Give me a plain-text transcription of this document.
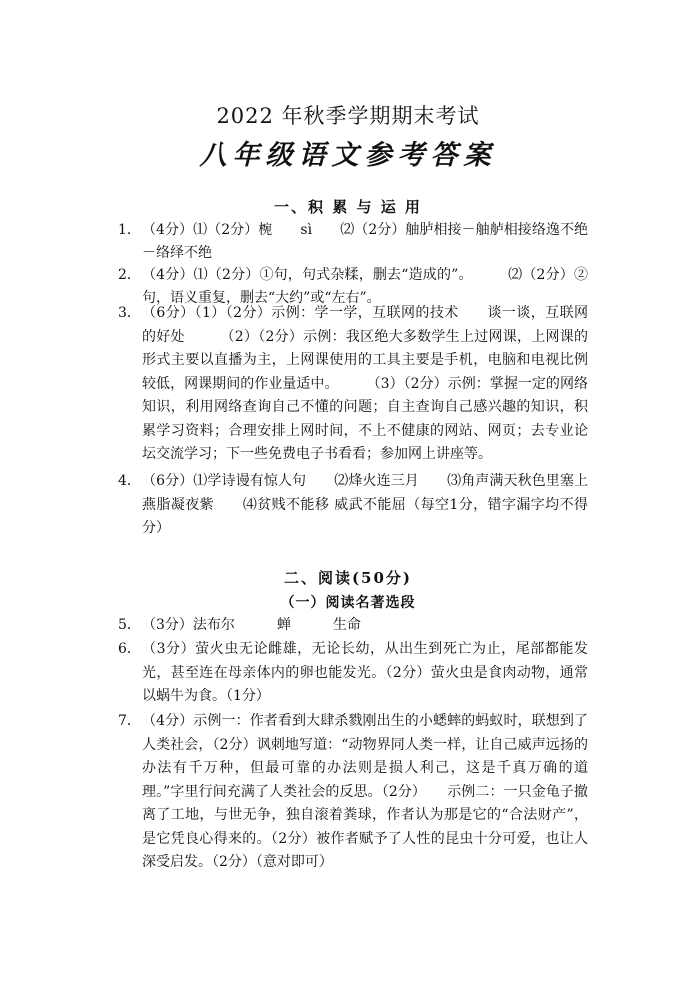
2022 年秋季学期期末考试
八年级语文参考答案
一、积 累 与 运 用
1． （4分）⑴（2分）椀　　sì　　⑵（2分）舳胪相接－舳舻相接络逸不绝－络绎不绝
2． （4分）⑴（2分）①句，句式杂糅，删去“造成的”。　　　⑵（2分）②句，语义重复，删去“大约”或“左右”。
3． （6分）（1）（2分）示例：学一学，互联网的技术　　谈一谈，互联网的好处　　　（2）（2分）示例：我区绝大多数学生上过网课，上网课的形式主要以直播为主，上网课使用的工具主要是手机，电脑和电视比例较低，网课期间的作业量适中。　　　（3）（2分）示例：掌握一定的网络知识，利用网络查询自己不懂的问题；自主查询自己感兴趣的知识，积累学习资料；合理安排上网时间，不上不健康的网站、网页；去专业论坛交流学习；下一些免费电子书看看；参加网上讲座等。
4． （6分）⑴学诗谩有惊人句　　⑵烽火连三月　　⑶角声满天秋色里塞上燕脂凝夜紫　　⑷贫贱不能移 威武不能屈（每空1分，错字漏字均不得分）
二、阅读(50分)
（一）阅读名著选段
5． （3分）法布尔　　　蝉　　　生命
6． （3分）萤火虫无论雌雄，无论长幼，从出生到死亡为止，尾部都能发光，甚至连在母亲体内的卵也能发光。（2分）萤火虫是食肉动物，通常以蜗牛为食。（1分）
7． （4分）示例一：作者看到大肆杀戮刚出生的小蟋蟀的蚂蚁时，联想到了人类社会，（2分）讽刺地写道：“动物界同人类一样，让自己威声远扬的办法有千万种，但最可靠的办法则是损人利己，这是千真万确的道理。”字里行间充满了人类社会的反思。（2分）　　示例二：一只金龟子撤离了工地，与世无争，独自滚着粪球，作者认为那是它的“合法财产”，是它凭良心得来的。（2分）被作者赋予了人性的昆虫十分可爱，也让人深受启发。（2分）（意对即可）
